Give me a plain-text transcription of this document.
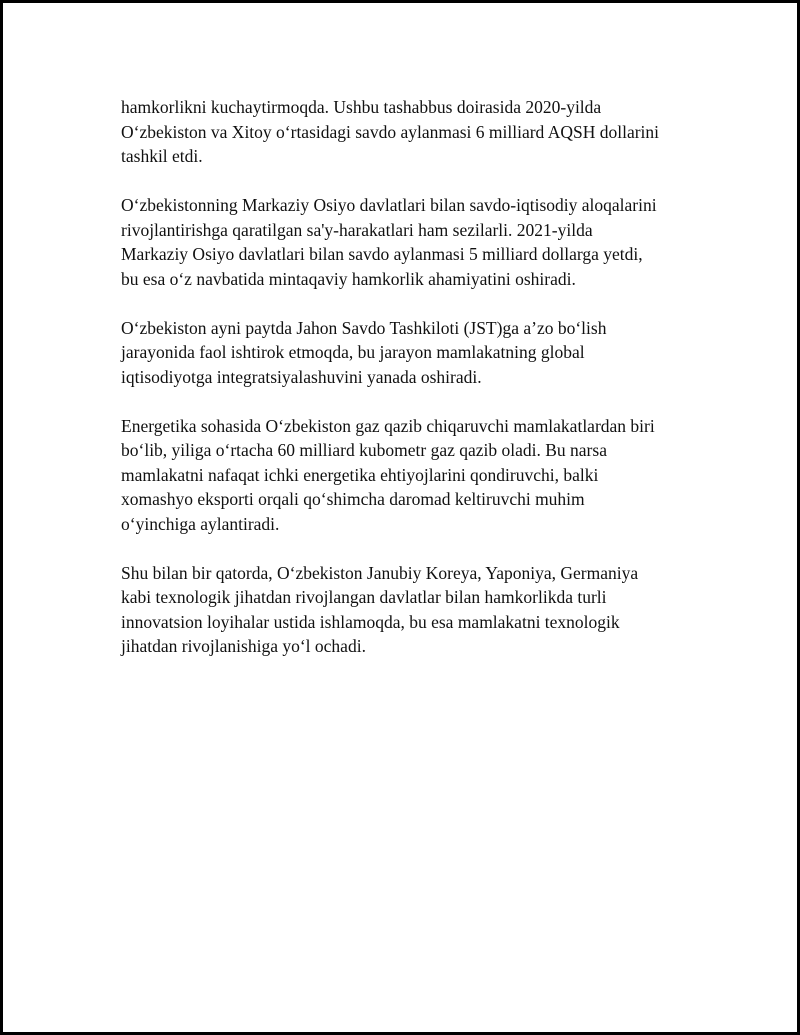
hamkorlikni kuchaytirmoqda. Ushbu tashabbus doirasida 2020-yilda
O‘zbekiston va Xitoy o‘rtasidagi savdo aylanmasi 6 milliard AQSH dollarini
tashkil etdi.

O‘zbekistonning Markaziy Osiyo davlatlari bilan savdo-iqtisodiy aloqalarini
rivojlantirishga qaratilgan sa'y-harakatlari ham sezilarli. 2021-yilda
Markaziy Osiyo davlatlari bilan savdo aylanmasi 5 milliard dollarga yetdi,
bu esa o‘z navbatida mintaqaviy hamkorlik ahamiyatini oshiradi.

O‘zbekiston ayni paytda Jahon Savdo Tashkiloti (JST)ga a’zo bo‘lish
jarayonida faol ishtirok etmoqda, bu jarayon mamlakatning global
iqtisodiyotga integratsiyalashuvini yanada oshiradi.

Energetika sohasida O‘zbekiston gaz qazib chiqaruvchi mamlakatlardan biri
bo‘lib, yiliga o‘rtacha 60 milliard kubometr gaz qazib oladi. Bu narsa
mamlakatni nafaqat ichki energetika ehtiyojlarini qondiruvchi, balki
xomashyo eksporti orqali qo‘shimcha daromad keltiruvchi muhim
o‘yinchiga aylantiradi.

Shu bilan bir qatorda, O‘zbekiston Janubiy Koreya, Yaponiya, Germaniya
kabi texnologik jihatdan rivojlangan davlatlar bilan hamkorlikda turli
innovatsion loyihalar ustida ishlamoqda, bu esa mamlakatni texnologik
jihatdan rivojlanishiga yo‘l ochadi.
